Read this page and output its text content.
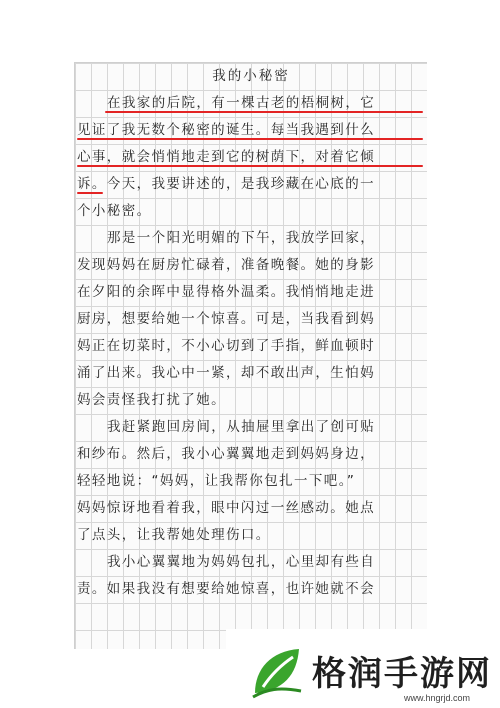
我的小秘密
在我家的后院，有一棵古老的梧桐树，它
见证了我无数个秘密的诞生。每当我遇到什么
心事，就会悄悄地走到它的树荫下，对着它倾
诉。今天，我要讲述的，是我珍藏在心底的一
个小秘密。
那是一个阳光明媚的下午，我放学回家，
发现妈妈在厨房忙碌着，准备晚餐。她的身影
在夕阳的余晖中显得格外温柔。我悄悄地走进
厨房，想要给她一个惊喜。可是，当我看到妈
妈正在切菜时，不小心切到了手指，鲜血顿时
涌了出来。我心中一紧，却不敢出声，生怕妈
妈会责怪我打扰了她。
我赶紧跑回房间，从抽屉里拿出了创可贴
和纱布。然后，我小心翼翼地走到妈妈身边，
轻轻地说：“妈妈，让我帮你包扎一下吧。”
妈妈惊讶地看着我，眼中闪过一丝感动。她点
了点头，让我帮她处理伤口。
我小心翼翼地为妈妈包扎，心里却有些自
责。如果我没有想要给她惊喜，也许她就不会
格润手游网
www.hngrjd.com
